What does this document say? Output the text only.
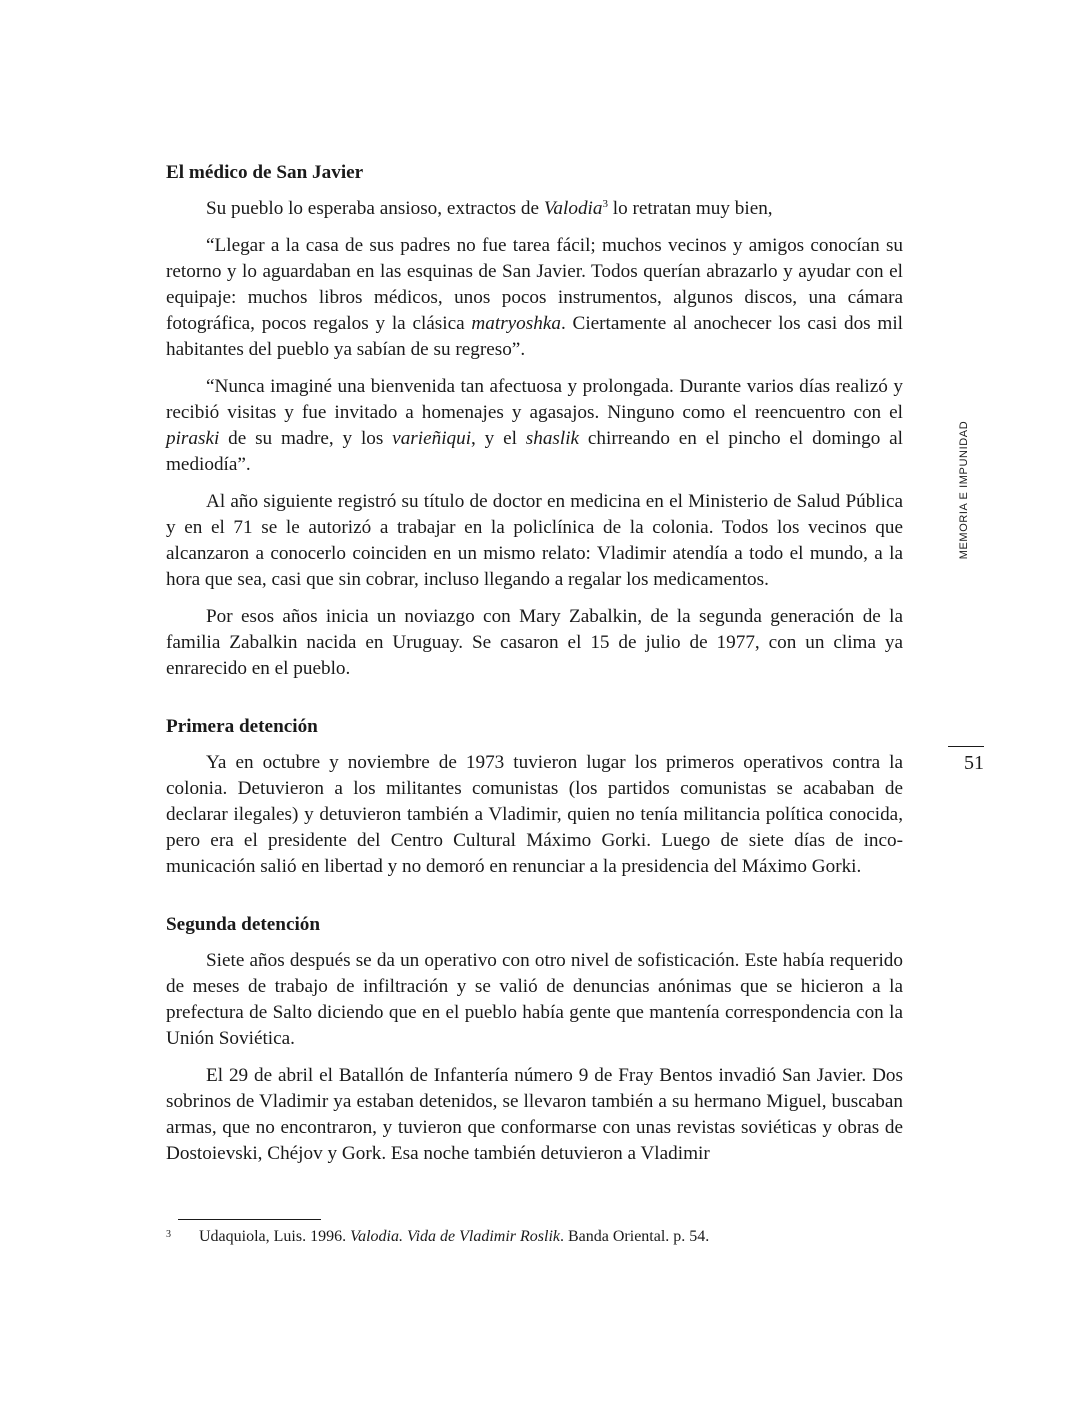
El médico de San Javier

Su pueblo lo esperaba ansioso, extractos de Valodia$^3$ lo retratan muy bien,

“Llegar a la casa de sus padres no fue tarea fácil; muchos vecinos y amigos conocían su retorno y lo aguardaban en las esquinas de San Javier. Todos querían abrazarlo y ayudar con el equipaje: muchos libros médicos, unos pocos instrumentos, algunos discos, una cámara fotográfica, pocos regalos y la clásica matryoshka. Ciertamente al anochecer los casi dos mil habitantes del pueblo ya sabían de su regreso”.

“Nunca imaginé una bienvenida tan afectuosa y prolongada. Durante varios días realizó y recibió visitas y fue invitado a homenajes y agasajos. Ninguno como el reencuentro con el piraski de su madre, y los varieñiqui, y el shaslik chirreando en el pincho el domingo al mediodía”.

Al año siguiente registró su título de doctor en medicina en el Ministerio de Salud Pública y en el 71 se le autorizó a trabajar en la policlínica de la colonia. Todos los vecinos que alcanzaron a conocerlo coinciden en un mismo relato: Vladimir atendía a todo el mundo, a la hora que sea, casi que sin cobrar, incluso llegando a regalar los medicamentos.

Por esos años inicia un noviazgo con Mary Zabalkin, de la segunda generación de la familia Zabalkin nacida en Uruguay. Se casaron el 15 de julio de 1977, con un clima ya enrarecido en el pueblo.

Primera detención

Ya en octubre y noviembre de 1973 tuvieron lugar los primeros operativos contra la colonia. Detuvieron a los militantes comunistas (los partidos comunistas se acababan de declarar ilegales) y detuvieron también a Vladimir, quien no tenía militancia política conocida, pero era el presidente del Centro Cultural Máximo Gorki. Luego de siete días de incomunicación salió en libertad y no demoró en renunciar a la presidencia del Máximo Gorki.

Segunda detención

Siete años después se da un operativo con otro nivel de sofisticación. Este había requerido de meses de trabajo de infiltración y se valió de denuncias anónimas que se hicieron a la prefectura de Salto diciendo que en el pueblo había gente que mantenía correspondencia con la Unión Soviética.

El 29 de abril el Batallón de Infantería número 9 de Fray Bentos invadió San Javier. Dos sobrinos de Vladimir ya estaban detenidos, se llevaron también a su hermano Miguel, buscaban armas, que no encontraron, y tuvieron que conformarse con unas revistas soviéticas y obras de Dostoievski, Chéjov y Gork. Esa noche también detuvieron a Vladimir

MEMORIA E IMPUNIDAD
51
3 Udaquiola, Luis. 1996. Valodia. Vida de Vladimir Roslik. Banda Oriental. p. 54.
